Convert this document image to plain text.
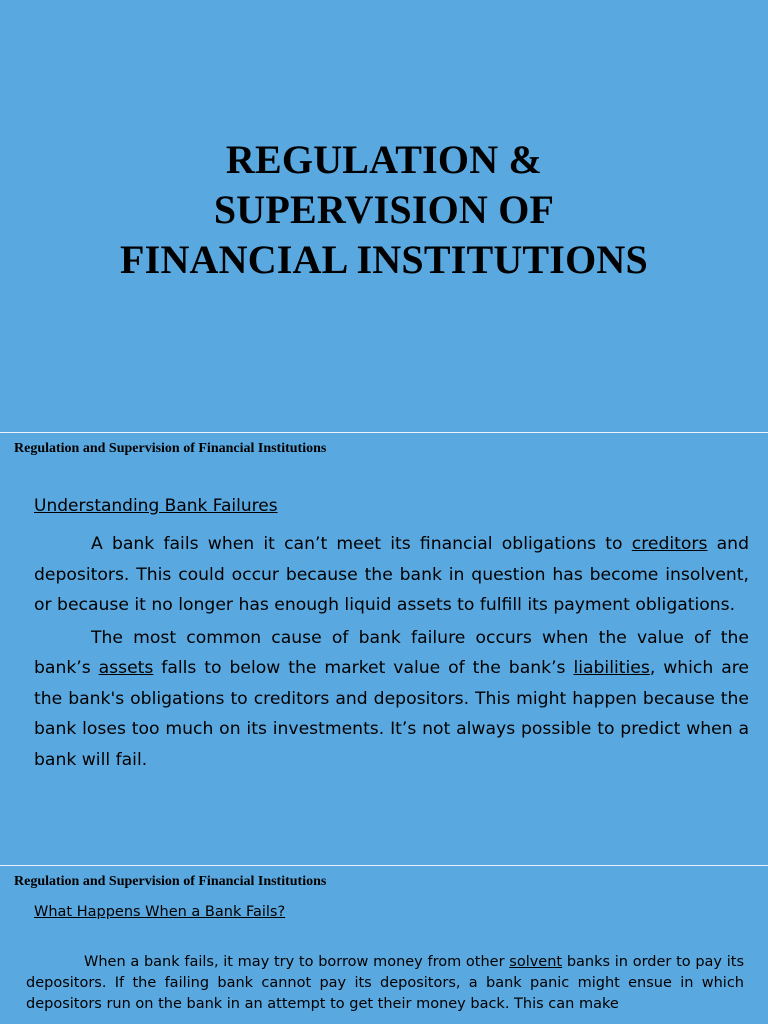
REGULATION &
SUPERVISION OF
FINANCIAL INSTITUTIONS
Regulation and Supervision of Financial Institutions
Understanding Bank Failures

A bank fails when it can’t meet its financial obligations to creditors and depositors. This could occur because the bank in question has become insolvent, or because it no longer has enough liquid assets to fulfill its payment obligations.

The most common cause of bank failure occurs when the value of the bank’s assets falls to below the market value of the bank’s liabilities, which are the bank's obligations to creditors and depositors. This might happen because the bank loses too much on its investments. It’s not always possible to predict when a bank will fail.

Regulation and Supervision of Financial Institutions
What Happens When a Bank Fails?

When a bank fails, it may try to borrow money from other solvent banks in order to pay its depositors. If the failing bank cannot pay its depositors, a bank panic might ensue in which depositors run on the bank in an attempt to get their money back. This can make
